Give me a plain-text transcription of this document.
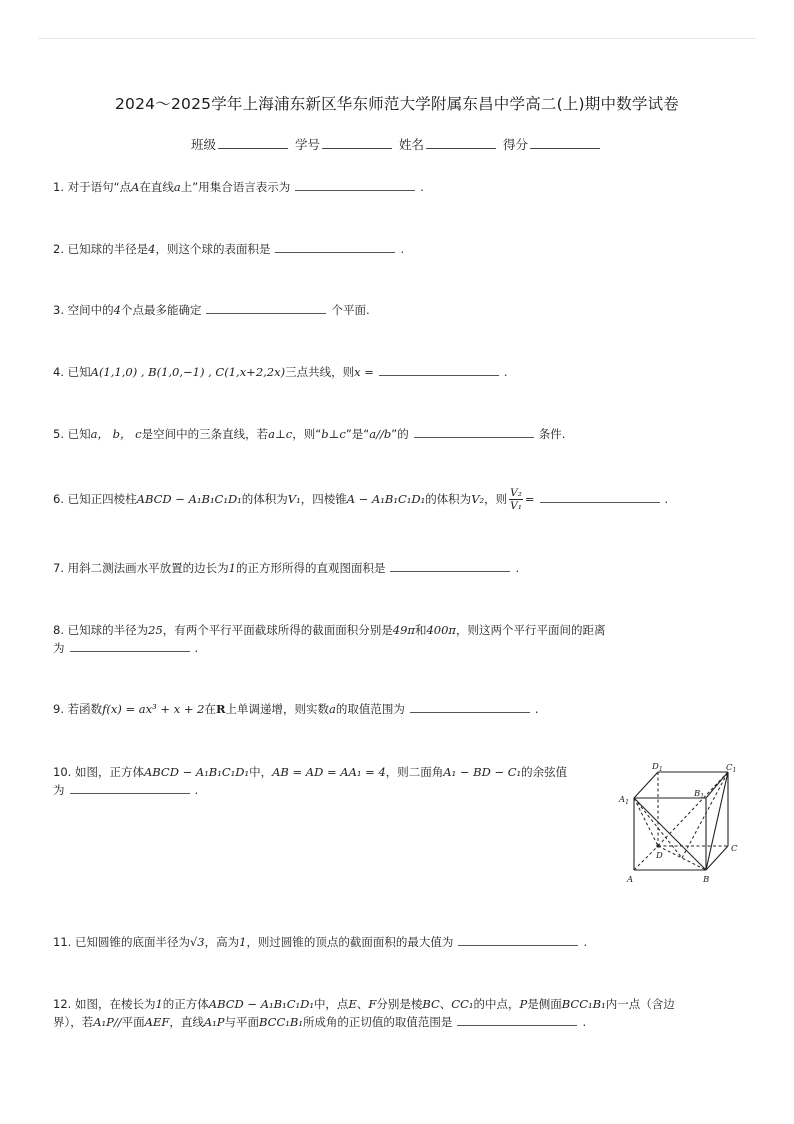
2024～2025学年上海浦东新区华东师范大学附属东昌中学高二(上)期中数学试卷
班级	学号	姓名	得分
1. 对于语句“点A在直线a上”用集合语言表示为	.
2. 已知球的半径是4，则这个球的表面积是	.
3. 空间中的4个点最多能确定	个平面.
4. 已知A(1,1,0) , B(1,0,−1) , C(1,x+2,2x)三点共线，则x =	.
5. 已知a， b， c是空间中的三条直线，若a⊥c，则“b⊥c”是“a//b”的	条件.
6. 已知正四棱柱ABCD − A₁B₁C₁D₁的体积为V₁，四棱锥A − A₁B₁C₁D₁的体积为V₂，则 $\frac{\text{V₂}}{\text{V₁}}$ =	.
7. 用斜二测法画水平放置的边长为1的正方形所得的直观图面积是	.
8. 已知球的半径为25，有两个平行平面截球所得的截面面积分别是49π和400π，则这两个平行平面间的距离
为	.
9. 若函数f(x) = ax³ + x + 2在R上单调递增，则实数a的取值范围为	.
10. 如图，正方体ABCD − A₁B₁C₁D₁中，AB = AD = AA₁ = 4，则二面角A₁ − BD − C₁的余弦值
为	.
$A_1$
$D_1$	$C_1$
$B_1$
C
D
A	B
11. 已知圆锥的底面半径为√3，高为1，则过圆锥的顶点的截面面积的最大值为	.
12. 如图，在棱长为1的正方体ABCD − A₁B₁C₁D₁中，点E、F分别是棱BC、CC₁的中点，P是侧面BCC₁B₁内一点（含边
界），若A₁P//平面AEF，直线A₁P与平面BCC₁B₁所成角的正切值的取值范围是	.
